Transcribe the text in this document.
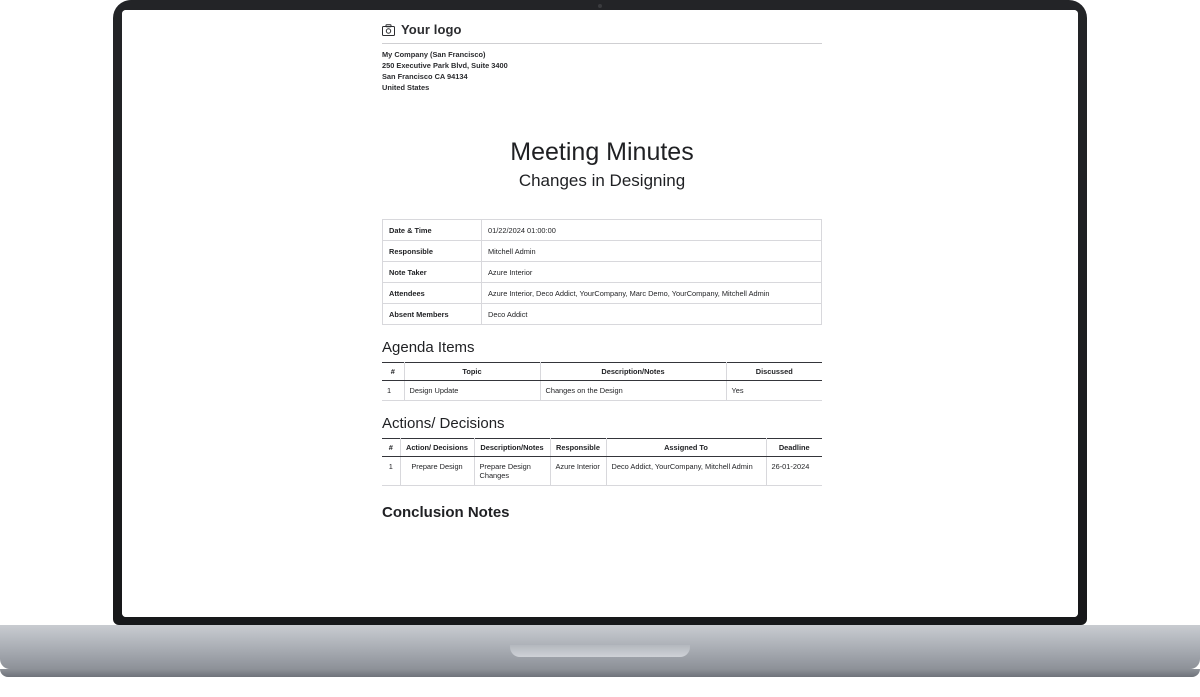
Your logo
My Company (San Francisco)
250 Executive Park Blvd, Suite 3400
San Francisco CA 94134
United States
Meeting Minutes
Changes in Designing
Date & Time	01/22/2024 01:00:00
Responsible	Mitchell Admin
Note Taker	Azure Interior
Attendees	Azure Interior, Deco Addict, YourCompany, Marc Demo, YourCompany, Mitchell Admin
Absent Members	Deco Addict
Agenda Items
#	Topic	Description/Notes	Discussed
1	Design Update	Changes on the Design	Yes
Actions/ Decisions
#	Action/ Decisions	Description/Notes	Responsible	Assigned To	Deadline
1	Prepare Design	Prepare Design Changes	Azure Interior	Deco Addict, YourCompany, Mitchell Admin	26-01-2024
Conclusion Notes
